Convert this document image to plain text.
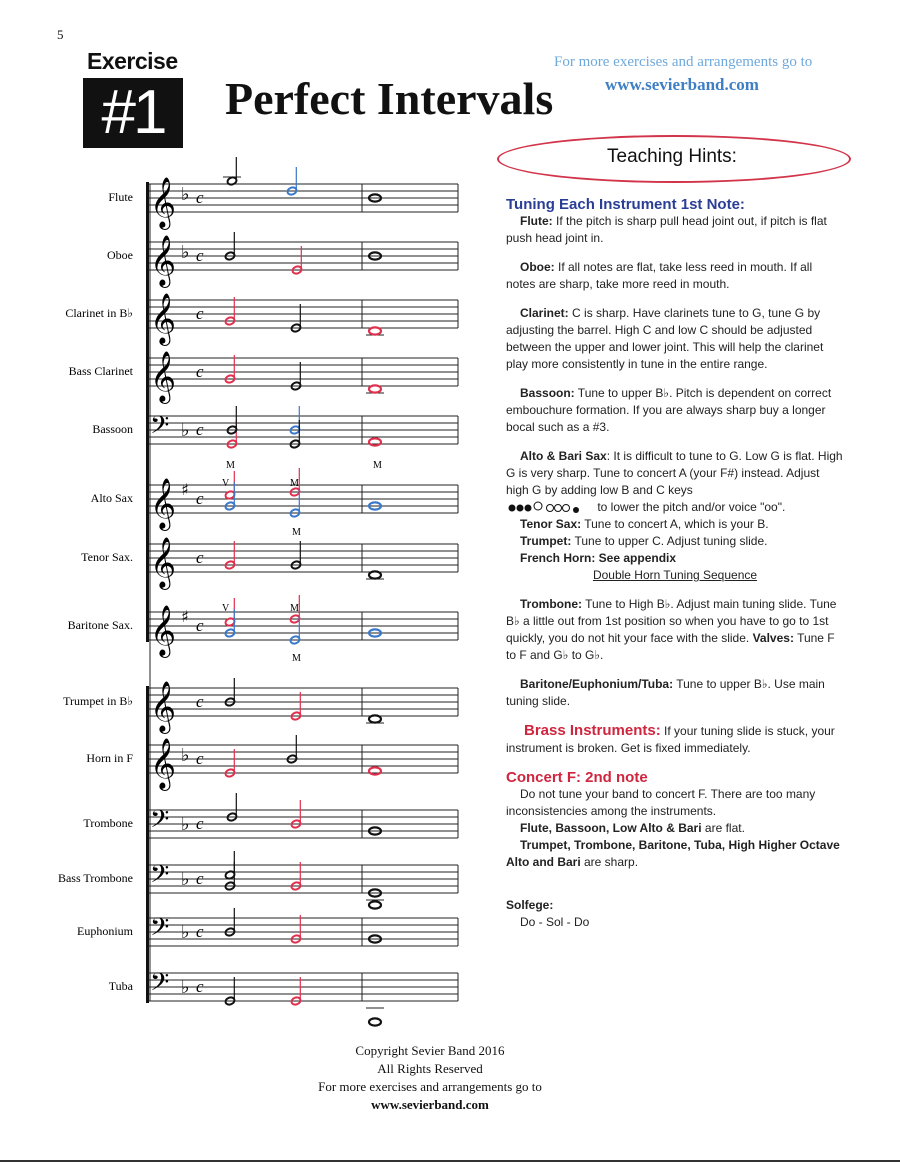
5
Exercise
#1	Perfect Intervals
For more exercises and arrangements go to
www.sevierband.com
Teaching Hints:
𝄞 ♭ c
𝄞 ♭ c
𝄞 c
𝄞 c
𝄢 ♭ c
𝄞 ♯ c
𝄞 c
𝄞 ♯ c
𝄞 c
𝄞 ♭ c
𝄢 ♭ c
𝄢 ♭ c
𝄢 ♭ c
𝄢 ♭ c
Flute
Oboe
Clarinet in B♭
Bass Clarinet
Bassoon
Alto Sax
Tenor Sax.
Baritone Sax.
Trumpet in B♭
Horn in F
Trombone
Bass Trombone
Euphonium
Tuba
M	M
V	M
M
V	M
M
Tuning Each Instrument 1st Note:

Flute: If the pitch is sharp pull head joint out, if pitch is flat push head joint in.

Oboe: If all notes are flat, take less reed in mouth. If all notes are sharp, take more reed in mouth.

Clarinet: C is sharp. Have clarinets tune to G, tune G by adjusting the barrel. High C and low C should be adjusted between the upper and lower joint. This will help the clarinet play more consistently in tune in the entire range.

Bassoon: Tune to upper B♭. Pitch is dependent on correct embouchure formation. If you are always sharp buy a longer bocal such as a #3.

Alto & Bari Sax: It is difficult to tune to G. Low G is flat. High G is very sharp. Tune to concert A (your F#) instead. Adjust high G by adding low B and C keys

to lower the pitch and/or voice "oo".

Tenor Sax: Tune to concert A, which is your B.

Trumpet: Tune to upper C. Adjust tuning slide.

French Horn: See appendix

Double Horn Tuning Sequence

Trombone: Tune to High B♭. Adjust main tuning slide. Tune B♭ a little out from 1st position so when you have to go to 1st quickly, you do not hit your face with the slide. Valves: Tune F to F and G♭ to G♭.

Baritone/Euphonium/Tuba: Tune to upper B♭. Use main tuning slide.

Brass Instruments: If your tuning slide is stuck, your instrument is broken. Get is fixed immediately.

Concert F: 2nd note

Do not tune your band to concert F. There are too many inconsistencies among the instruments.

Flute, Bassoon, Low Alto & Bari are flat.

Trumpet, Trombone, Baritone, Tuba, High Higher Octave Alto and Bari are sharp.

Solfege:

Do - Sol - Do

Copyright Sevier Band 2016
All Rights Reserved
For more exercises and arrangements go to
www.sevierband.com
